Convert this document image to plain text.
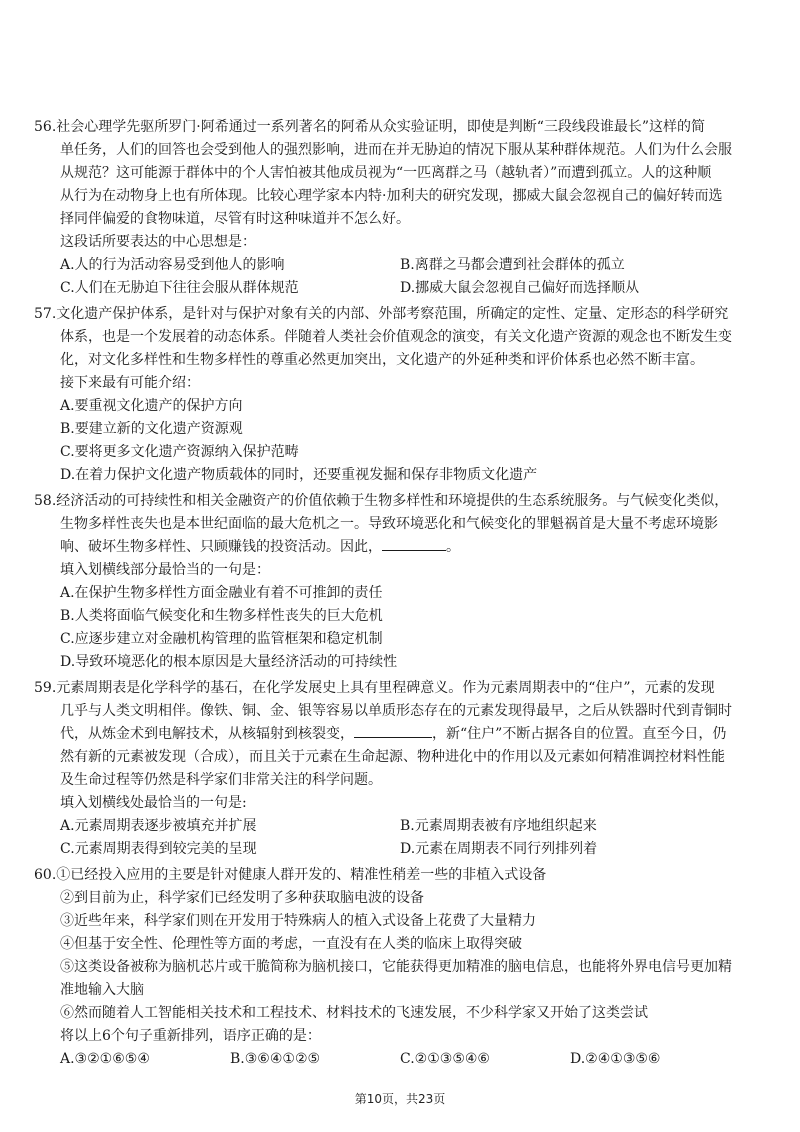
56.社会心理学先驱所罗门·阿希通过一系列著名的阿希从众实验证明，即使是判断“三段线段谁最长”这样的简
单任务，人们的回答也会受到他人的强烈影响，进而在并无胁迫的情况下服从某种群体规范。人们为什么会服
从规范？这可能源于群体中的个人害怕被其他成员视为“一匹离群之马（越轨者）”而遭到孤立。人的这种顺
从行为在动物身上也有所体现。比较心理学家本内特·加利夫的研究发现，挪威大鼠会忽视自己的偏好转而选
择同伴偏爱的食物味道，尽管有时这种味道并不怎么好。
这段话所要表达的中心思想是：
A.人的行为活动容易受到他人的影响	B.离群之马都会遭到社会群体的孤立
C.人们在无胁迫下往往会服从群体规范	D.挪威大鼠会忽视自己偏好而选择顺从
57.文化遗产保护体系，是针对与保护对象有关的内部、外部考察范围，所确定的定性、定量、定形态的科学研究
体系，也是一个发展着的动态体系。伴随着人类社会价值观念的演变，有关文化遗产资源的观念也不断发生变
化，对文化多样性和生物多样性的尊重必然更加突出，文化遗产的外延种类和评价体系也必然不断丰富。
接下来最有可能介绍：
A.要重视文化遗产的保护方向
B.要建立新的文化遗产资源观
C.要将更多文化遗产资源纳入保护范畴
D.在着力保护文化遗产物质载体的同时，还要重视发掘和保存非物质文化遗产
58.经济活动的可持续性和相关金融资产的价值依赖于生物多样性和环境提供的生态系统服务。与气候变化类似，
生物多样性丧失也是本世纪面临的最大危机之一。导致环境恶化和气候变化的罪魁祸首是大量不考虑环境影
响、破坏生物多样性、只顾赚钱的投资活动。因此，	。
填入划横线部分最恰当的一句是：
A.在保护生物多样性方面金融业有着不可推卸的责任
B.人类将面临气候变化和生物多样性丧失的巨大危机
C.应逐步建立对金融机构管理的监管框架和稳定机制
D.导致环境恶化的根本原因是大量经济活动的可持续性
59.元素周期表是化学科学的基石，在化学发展史上具有里程碑意义。作为元素周期表中的“住户”，元素的发现
几乎与人类文明相伴。像铁、铜、金、银等容易以单质形态存在的元素发现得最早，之后从铁器时代到青铜时
代，从炼金术到电解技术，从核辐射到核裂变，	，新“住户”不断占据各自的位置。直至今日，仍
然有新的元素被发现（合成），而且关于元素在生命起源、物种进化中的作用以及元素如何精准调控材料性能
及生命过程等仍然是科学家们非常关注的科学问题。
填入划横线处最恰当的一句是:
A.元素周期表逐步被填充并扩展	B.元素周期表被有序地组织起来
C.元素周期表得到较完美的呈现	D.元素在周期表不同行列排列着
60.①已经投入应用的主要是针对健康人群开发的、精准性稍差一些的非植入式设备
②到目前为止，科学家们已经发明了多种获取脑电波的设备
③近些年来，科学家们则在开发用于特殊病人的植入式设备上花费了大量精力
④但基于安全性、伦理性等方面的考虑，一直没有在人类的临床上取得突破
⑤这类设备被称为脑机芯片或干脆简称为脑机接口，它能获得更加精准的脑电信息，也能将外界电信号更加精
准地输入大脑
⑥然而随着人工智能相关技术和工程技术、材料技术的飞速发展，不少科学家又开始了这类尝试
将以上6个句子重新排列，语序正确的是：
A.③②①⑥⑤④	B.③⑥④①②⑤	C.②①③⑤④⑥	D.②④①③⑤⑥
第10页，共23页
